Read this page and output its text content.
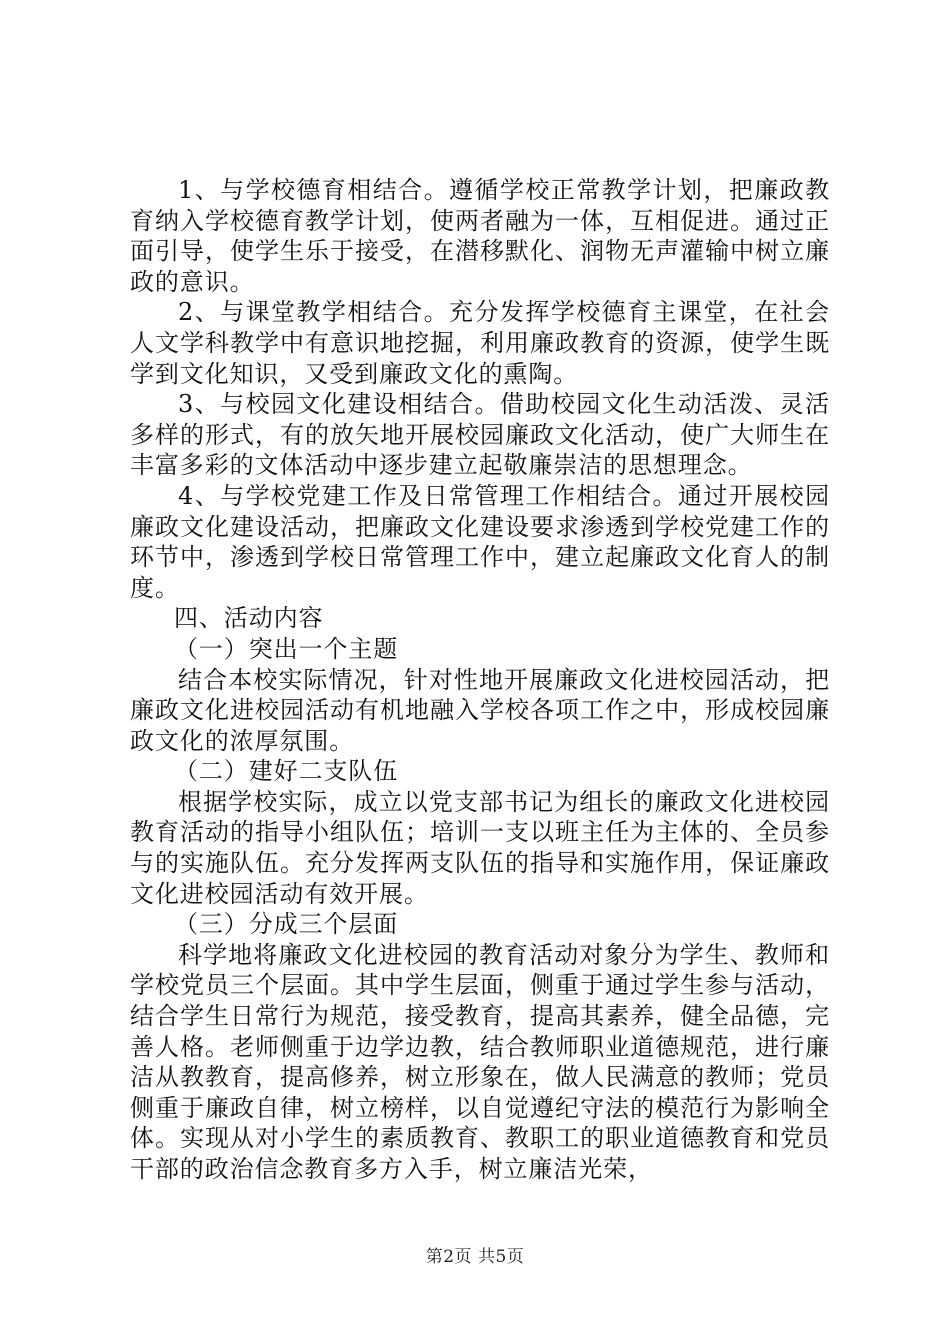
1、与学校德育相结合。遵循学校正常教学计划，把廉政教育纳入学校德育教学计划，使两者融为一体，互相促进。通过正面引导，使学生乐于接受，在潜移默化、润物无声灌输中树立廉政的意识。

2、与课堂教学相结合。充分发挥学校德育主课堂，在社会人文学科教学中有意识地挖掘，利用廉政教育的资源，使学生既学到文化知识，又受到廉政文化的熏陶。

3、与校园文化建设相结合。借助校园文化生动活泼、灵活多样的形式，有的放矢地开展校园廉政文化活动，使广大师生在丰富多彩的文体活动中逐步建立起敬廉崇洁的思想理念。

4、与学校党建工作及日常管理工作相结合。通过开展校园廉政文化建设活动，把廉政文化建设要求渗透到学校党建工作的环节中，渗透到学校日常管理工作中，建立起廉政文化育人的制度。

四、活动内容

（一）突出一个主题

结合本校实际情况，针对性地开展廉政文化进校园活动，把廉政文化进校园活动有机地融入学校各项工作之中，形成校园廉政文化的浓厚氛围。

（二）建好二支队伍

根据学校实际，成立以党支部书记为组长的廉政文化进校园教育活动的指导小组队伍；培训一支以班主任为主体的、全员参与的实施队伍。充分发挥两支队伍的指导和实施作用，保证廉政文化进校园活动有效开展。

（三）分成三个层面

科学地将廉政文化进校园的教育活动对象分为学生、教师和学校党员三个层面。其中学生层面，侧重于通过学生参与活动，结合学生日常行为规范，接受教育，提高其素养，健全品德，完善人格。老师侧重于边学边教，结合教师职业道德规范，进行廉洁从教教育，提高修养，树立形象在，做人民满意的教师；党员侧重于廉政自律，树立榜样，以自觉遵纪守法的模范行为影响全体。实现从对小学生的素质教育、教职工的职业道德教育和党员干部的政治信念教育多方入手，树立廉洁光荣，

第2页 共5页
